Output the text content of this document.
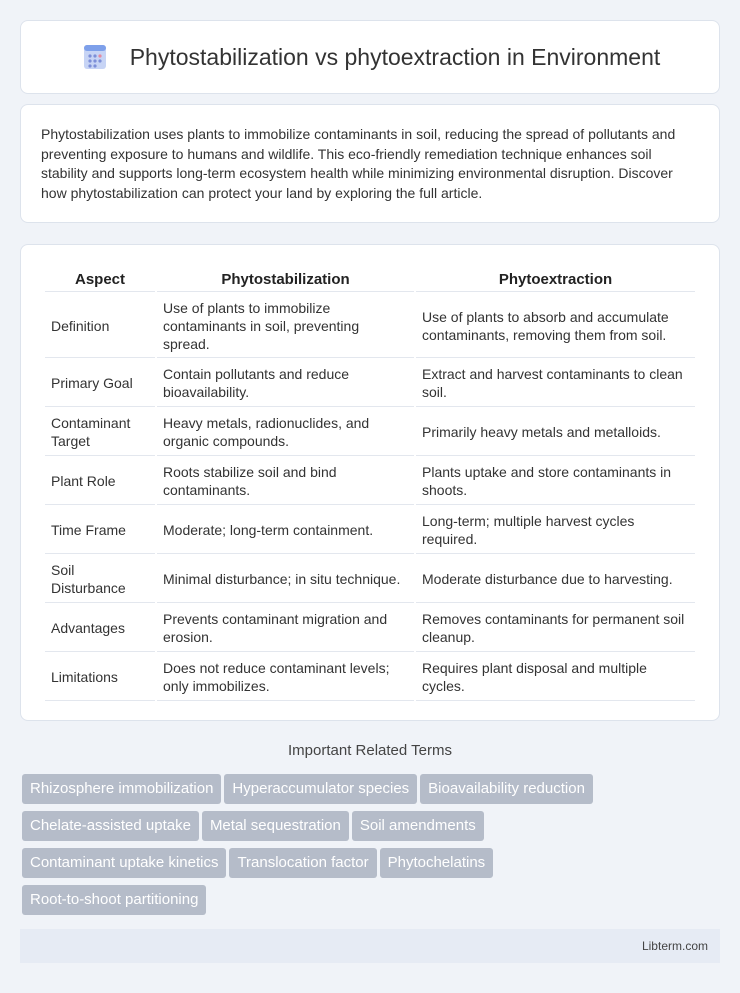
Phytostabilization vs phytoextraction in Environment

Phytostabilization uses plants to immobilize contaminants in soil, reducing the spread of pollutants and preventing exposure to humans and wildlife. This eco-friendly remediation technique enhances soil stability and supports long-term ecosystem health while minimizing environmental disruption. Discover how phytostabilization can protect your land by exploring the full article.

Aspect	Phytostabilization	Phytoextraction
Definition	Use of plants to immobilize contaminants in soil, preventing spread.	Use of plants to absorb and accumulate contaminants, removing them from soil.
Primary Goal	Contain pollutants and reduce bioavailability.	Extract and harvest contaminants to clean soil.
Contaminant Target	Heavy metals, radionuclides, and organic compounds.	Primarily heavy metals and metalloids.
Plant Role	Roots stabilize soil and bind contaminants.	Plants uptake and store contaminants in shoots.
Time Frame	Moderate; long-term containment.	Long-term; multiple harvest cycles required.
Soil Disturbance	Minimal disturbance; in situ technique.	Moderate disturbance due to harvesting.
Advantages	Prevents contaminant migration and erosion.	Removes contaminants for permanent soil cleanup.
Limitations	Does not reduce contaminant levels; only immobilizes.	Requires plant disposal and multiple cycles.
Important Related Terms
Rhizosphere immobilization Hyperaccumulator species Bioavailability reduction
Chelate-assisted uptake Metal sequestration Soil amendments
Contaminant uptake kinetics Translocation factor Phytochelatins
Root-to-shoot partitioning
Libterm.com
